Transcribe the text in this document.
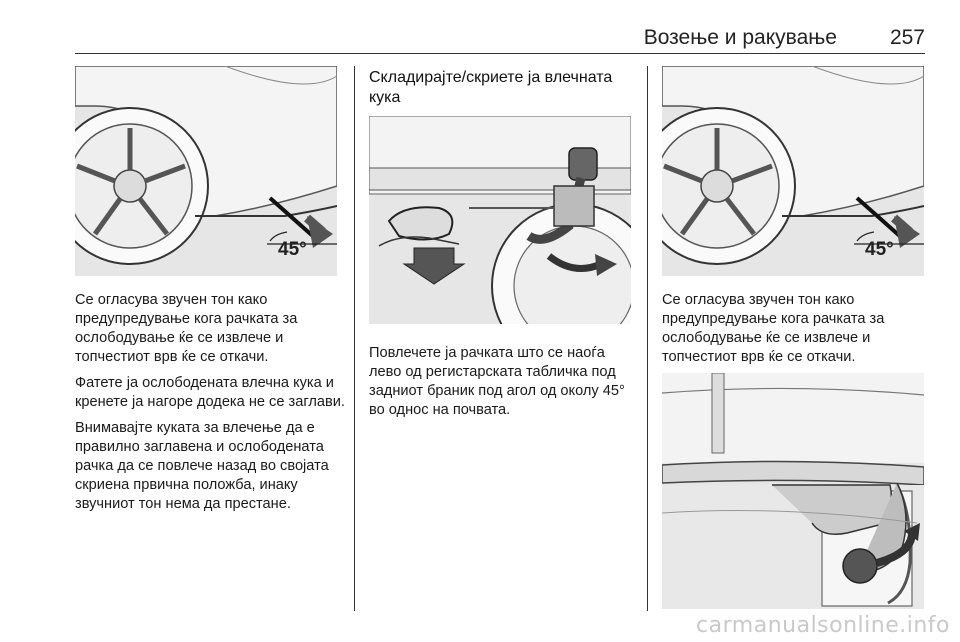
Возење и ракување	257
45°

Се огласува звучен тон како предупредување кога рачката за ослободување ќе се извлече и топчестиот врв ќе се откачи.

Фатете ја ослободената влечна кука и кренете ја нагоре додека не се заглави.

Внимавајте куката за влечење да е правилно заглавена и ослободената рачка да се повлече назад во својата скриена првична положба, инаку звучниот тон нема да престане.

Складирајте/скриете ја влечната кука

Повлечете ја рачката што се наоѓа лево од регистарската табличка под задниот браник под агол од околу 45° во однос на почвата.

45°

Се огласува звучен тон како предупредување кога рачката за ослободување ќе се извлече и топчестиот врв ќе се откачи.

carmanualsonline.info
